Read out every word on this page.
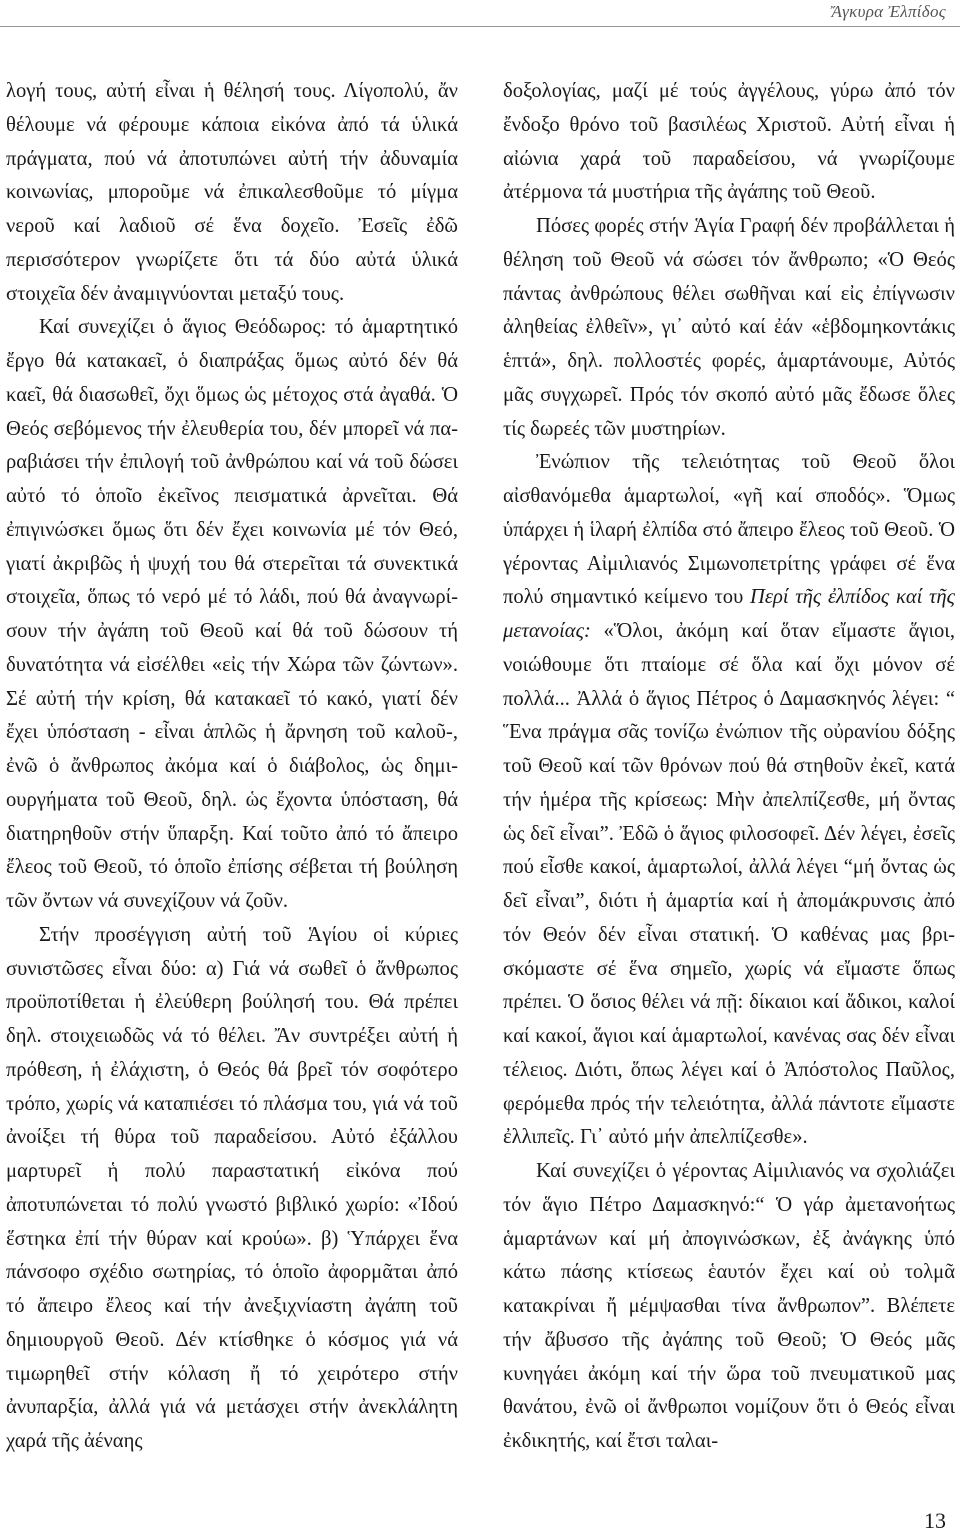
Ἄγκυρα Ἐλπίδος

λογή τους, αὐτή εἶναι ἡ θέλησή τους. Λίγοπολύ, ἄν θέλουμε νά φέρουμε κάποια εἰκόνα ἀπό τά ὑλικά πράγματα, πού νά ἀποτυπώνει αὐτή τήν ἀδυναμία κοινωνίας, μποροῦμε νά ἐπικαλεσθοῦμε τό μίγμα νεροῦ καί λαδιοῦ σέ ἕνα δοχεῖο. Ἐσεῖς ἐδῶ περισσότερον γνωρίζετε ὅτι τά δύο αὐτά ὑλικά στοιχεῖα δέν ἀναμιγνύονται μεταξύ τους.

Καί συνεχίζει ὁ ἅγιος Θεόδωρος: τό ἁμαρτητικό ἔργο θά κατακαεῖ, ὁ διαπράξας ὅμως αὐτό δέν θά καεῖ, θά διασωθεῖ, ὄχι ὅμως ὡς μέτοχος στά ἀγαθά. Ὁ Θεός σεβόμενος τήν ἐλευθερία του, δέν μπορεῖ νά παραβιάσει τήν ἐπιλογή τοῦ ἀνθρώπου καί νά τοῦ δώσει αὐτό τό ὁποῖο ἐκεῖνος πεισματικά ἀρνεῖται. Θά ἐπιγινώσκει ὅμως ὅτι δέν ἔχει κοινωνία μέ τόν Θεό, γιατί ἀκριβῶς ἡ ψυχή του θά στερεῖται τά συνεκτικά στοιχεῖα, ὅπως τό νερό μέ τό λάδι, πού θά ἀναγνωρίσουν τήν ἀγάπη τοῦ Θεοῦ καί θά τοῦ δώσουν τή δυνατότητα νά εἰσέλθει «εἰς τήν Χώρα τῶν ζώντων». Σέ αὐτή τήν κρίση, θά κατακαεῖ τό κακό, γιατί δέν ἔχει ὑπόσταση - εἶναι ἁπλῶς ἡ ἄρνηση τοῦ καλοῦ-, ἐνῶ ὁ ἄνθρωπος ἀκόμα καί ὁ διάβολος, ὡς δημιουργήματα τοῦ Θεοῦ, δηλ. ὡς ἔχοντα ὑπόσταση, θά διατηρηθοῦν στήν ὕπαρξη. Καί τοῦτο ἀπό τό ἄπειρο ἔλεος τοῦ Θεοῦ, τό ὁποῖο ἐπίσης σέβεται τή βούληση τῶν ὄντων νά συνεχίζουν νά ζοῦν.

Στήν προσέγγιση αὐτή τοῦ Ἁγίου οἱ κύριες συνιστῶσες εἶναι δύο: α) Γιά νά σωθεῖ ὁ ἄνθρωπος προϋποτίθεται ἡ ἐλεύθερη βούλησή του. Θά πρέπει δηλ. στοιχειωδῶς νά τό θέλει. Ἄν συντρέξει αὐτή ἡ πρόθεση, ἡ ἐλάχιστη, ὁ Θεός θά βρεῖ τόν σοφότερο τρόπο, χωρίς νά καταπιέσει τό πλάσμα του, γιά νά τοῦ ἀνοίξει τή θύρα τοῦ παραδείσου. Αὐτό ἐξάλλου μαρτυρεῖ ἡ πολύ παραστατική εἰκόνα πού ἀποτυπώνεται τό πολύ γνωστό βιβλικό χωρίο: «Ἰδού ἕστηκα ἐπί τήν θύραν καί κρούω». β) Ὑπάρχει ἕνα πάνσοφο σχέδιο σωτηρίας, τό ὁποῖο ἀφορμᾶται ἀπό τό ἄπειρο ἔλεος καί τήν ἀνεξιχνίαστη ἀγάπη τοῦ δημιουργοῦ Θεοῦ. Δέν κτίσθηκε ὁ κόσμος γιά νά τιμωρηθεῖ στήν κόλαση ἤ τό χειρότερο στήν ἀνυπαρξία, ἀλλά γιά νά μετάσχει στήν ἀνεκλάλητη χαρά τῆς ἀέναης

δοξολογίας, μαζί μέ τούς ἀγγέλους, γύρω ἀπό τόν ἔνδοξο θρόνο τοῦ βασιλέως Χριστοῦ. Αὐτή εἶναι ἡ αἰώνια χαρά τοῦ παραδείσου, νά γνωρίζουμε ἀτέρμονα τά μυστήρια τῆς ἀγάπης τοῦ Θεοῦ.

Πόσες φορές στήν Ἁγία Γραφή δέν προβάλλεται ἡ θέληση τοῦ Θεοῦ νά σώσει τόν ἄνθρωπο; «Ὁ Θεός πάντας ἀνθρώπους θέλει σωθῆναι καί εἰς ἐπίγνωσιν ἀληθείας ἐλθεῖν», γι᾽ αὐτό καί ἐάν «ἑβδομηκοντάκις ἑπτά», δηλ. πολλοστές φορές, ἁμαρτάνουμε, Αὐτός μᾶς συγχωρεῖ. Πρός τόν σκοπό αὐτό μᾶς ἔδωσε ὅλες τίς δωρεές τῶν μυστηρίων.

Ἐνώπιον τῆς τελειότητας τοῦ Θεοῦ ὅλοι αἰσθανόμεθα ἁμαρτωλοί, «γῆ καί σποδός». Ὅμως ὑπάρχει ἡ ἱλαρή ἐλπίδα στό ἄπειρο ἔλεος τοῦ Θεοῦ. Ὁ γέροντας Αἰμιλιανός Σιμωνοπετρίτης γράφει σέ ἕνα πολύ σημαντικό κείμενο του Περί τῆς ἐλπίδος καί τῆς μετανοίας: «Ὅλοι, ἀκόμη καί ὅταν εἴμαστε ἅγιοι, νοιώθουμε ὅτι πταίομε σέ ὅλα καί ὄχι μόνον σέ πολλά... Ἀλλά ὁ ἅγιος Πέτρος ὁ Δαμασκηνός λέγει: “ Ἕνα πράγμα σᾶς τονίζω ἐνώπιον τῆς οὐρανίου δόξης τοῦ Θεοῦ καί τῶν θρόνων πού θά στηθοῦν ἐκεῖ, κατά τήν ἡμέρα τῆς κρίσεως: Μὴν ἀπελπίζεσθε, μή ὄντας ὡς δεῖ εἶναι”. Ἐδῶ ὁ ἅγιος φιλοσοφεῖ. Δέν λέγει, ἐσεῖς πού εἶσθε κακοί, ἁμαρτωλοί, ἀλλά λέγει “μή ὄντας ὡς δεῖ εἶναι”, διότι ἡ ἁμαρτία καί ἡ ἀπομάκρυνσις ἀπό τόν Θεόν δέν εἶναι στατική. Ὁ καθένας μας βρισκόμαστε σέ ἕνα σημεῖο, χωρίς νά εἴμαστε ὅπως πρέπει. Ὁ ὅσιος θέλει νά πῇ: δίκαιοι καί ἄδικοι, καλοί καί κακοί, ἅγιοι καί ἁμαρτωλοί, κανένας σας δέν εἶναι τέλειος. Διότι, ὅπως λέγει καί ὁ Ἀπόστολος Παῦλος, φερόμεθα πρός τήν τελειότητα, ἀλλά πάντοτε εἴμαστε ἐλλιπεῖς. Γι᾽ αὐτό μήν ἀπελπίζεσθε».

Καί συνεχίζει ὁ γέροντας Αἰμιλιανός να σχολιάζει τόν ἅγιο Πέτρο Δαμασκηνό:“ Ὁ γάρ ἀμετανοήτως ἁμαρτάνων καί μή ἀπογινώσκων, ἐξ ἀνάγκης ὑπό κάτω πάσης κτίσεως ἑαυτόν ἔχει καί οὐ τολμᾶ κατακρίναι ἤ μέμψασθαι τίνα ἄνθρωπον”. Βλέπετε τήν ἄβυσσο τῆς ἀγάπης τοῦ Θεοῦ; Ὁ Θεός μᾶς κυνηγάει ἀκόμη καί τήν ὥρα τοῦ πνευματικοῦ μας θανάτου, ἐνῶ οἱ ἄνθρωποι νομίζουν ὅτι ὁ Θεός εἶναι ἐκδικητής, καί ἔτσι ταλαι-

13
